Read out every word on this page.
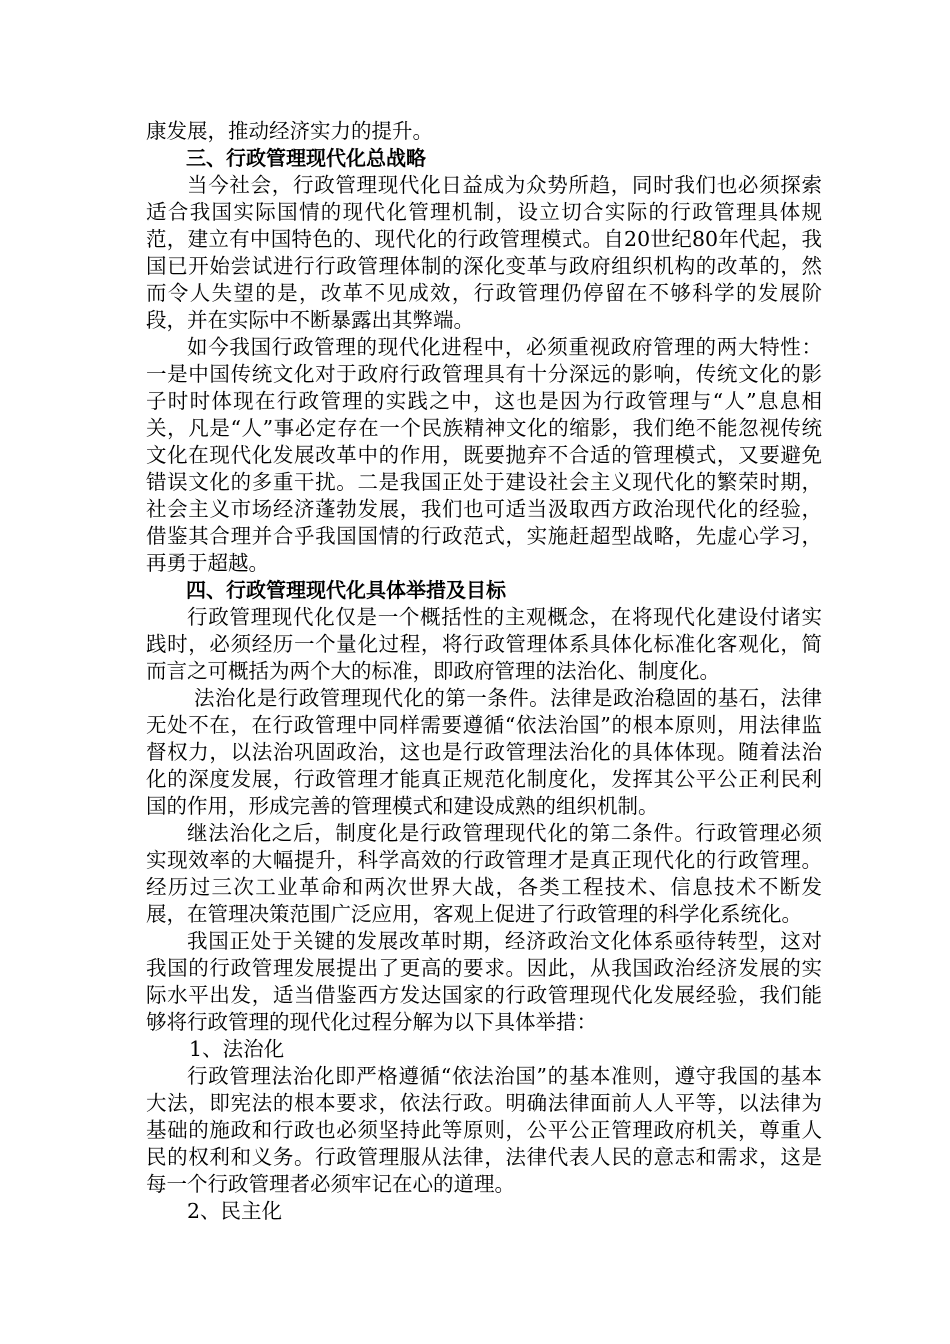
康发展，推动经济实力的提升。

三、行政管理现代化总战略

当今社会，行政管理现代化日益成为众势所趋，同时我们也必须探索适合我国实际国情的现代化管理机制，设立切合实际的行政管理具体规范，建立有中国特色的、现代化的行政管理模式。自20世纪80年代起，我国已开始尝试进行行政管理体制的深化变革与政府组织机构的改革的，然而令人失望的是，改革不见成效，行政管理仍停留在不够科学的发展阶段，并在实际中不断暴露出其弊端。

如今我国行政管理的现代化进程中，必须重视政府管理的两大特性：一是中国传统文化对于政府行政管理具有十分深远的影响，传统文化的影子时时体现在行政管理的实践之中，这也是因为行政管理与“人”息息相关，凡是“人”事必定存在一个民族精神文化的缩影，我们绝不能忽视传统文化在现代化发展改革中的作用，既要抛弃不合适的管理模式，又要避免错误文化的多重干扰。二是我国正处于建设社会主义现代化的繁荣时期，社会主义市场经济蓬勃发展，我们也可适当汲取西方政治现代化的经验，借鉴其合理并合乎我国国情的行政范式，实施赶超型战略，先虚心学习，再勇于超越。

四、行政管理现代化具体举措及目标

行政管理现代化仅是一个概括性的主观概念，在将现代化建设付诸实践时，必须经历一个量化过程，将行政管理体系具体化标准化客观化，简而言之可概括为两个大的标准，即政府管理的法治化、制度化。

法治化是行政管理现代化的第一条件。法律是政治稳固的基石，法律无处不在，在行政管理中同样需要遵循“依法治国”的根本原则，用法律监督权力，以法治巩固政治，这也是行政管理法治化的具体体现。随着法治化的深度发展，行政管理才能真正规范化制度化，发挥其公平公正利民利国的作用，形成完善的管理模式和建设成熟的组织机制。

继法治化之后，制度化是行政管理现代化的第二条件。行政管理必须实现效率的大幅提升，科学高效的行政管理才是真正现代化的行政管理。经历过三次工业革命和两次世界大战，各类工程技术、信息技术不断发展，在管理决策范围广泛应用，客观上促进了行政管理的科学化系统化。

我国正处于关键的发展改革时期，经济政治文化体系亟待转型，这对我国的行政管理发展提出了更高的要求。因此，从我国政治经济发展的实际水平出发，适当借鉴西方发达国家的行政管理现代化发展经验，我们能够将行政管理的现代化过程分解为以下具体举措：

1、法治化

行政管理法治化即严格遵循“依法治国”的基本准则，遵守我国的基本大法，即宪法的根本要求，依法行政。明确法律面前人人平等，以法律为基础的施政和行政也必须坚持此等原则，公平公正管理政府机关，尊重人民的权利和义务。行政管理服从法律，法律代表人民的意志和需求，这是每一个行政管理者必须牢记在心的道理。

2、民主化
